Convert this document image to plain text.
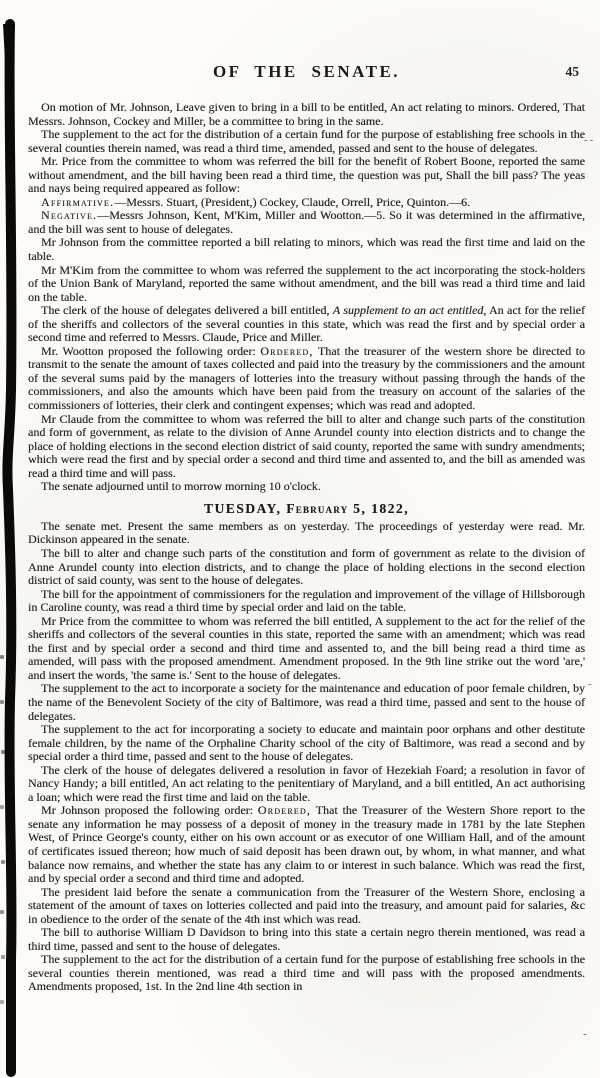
OF THE SENATE.	45

On motion of Mr. Johnson, Leave given to bring in a bill to be entitled, An act relating to minors. Ordered, That Messrs. Johnson, Cockey and Miller, be a committee to bring in the same.

The supplement to the act for the distribution of a certain fund for the purpose of establishing free schools in the several counties therein named, was read a third time, amended, passed and sent to the house of delegates.

Mr. Price from the committee to whom was referred the bill for the benefit of Robert Boone, reported the same without amendment, and the bill having been read a third time, the question was put, Shall the bill pass? The yeas and nays being required appeared as follow:

Affirmative.—Messrs. Stuart, (President,) Cockey, Claude, Orrell, Price, Quinton.—6.

Negative.—Messrs Johnson, Kent, M'Kim, Miller and Wootton.—5. So it was determined in the affirmative, and the bill was sent to house of delegates.

Mr Johnson from the committee reported a bill relating to minors, which was read the first time and laid on the table.

Mr M'Kim from the committee to whom was referred the supplement to the act incorporating the stock-holders of the Union Bank of Maryland, reported the same without amendment, and the bill was read a third time and laid on the table.

The clerk of the house of delegates delivered a bill entitled, A supplement to an act entitled, An act for the relief of the sheriffs and collectors of the several counties in this state, which was read the first and by special order a second time and referred to Messrs. Claude, Price and Miller.

Mr. Wootton proposed the following order: Ordered, That the treasurer of the western shore be directed to transmit to the senate the amount of taxes collected and paid into the treasury by the commissioners and the amount of the several sums paid by the managers of lotteries into the treasury without passing through the hands of the commissioners, and also the amounts which have been paid from the treasury on account of the salaries of the commissioners of lotteries, their clerk and contingent expenses; which was read and adopted.

Mr Claude from the committee to whom was referred the bill to alter and change such parts of the constitution and form of government, as relate to the division of Anne Arundel county into election districts and to change the place of holding elections in the second election district of said county, reported the same with sundry amendments; which were read the first and by special order a second and third time and assented to, and the bill as amended was read a third time and will pass.

The senate adjourned until to morrow morning 10 o'clock.

TUESDAY, February 5, 1822,

The senate met. Present the same members as on yesterday. The proceedings of yesterday were read. Mr. Dickinson appeared in the senate.

The bill to alter and change such parts of the constitution and form of government as relate to the division of Anne Arundel county into election districts, and to change the place of holding elections in the second election district of said county, was sent to the house of delegates.

The bill for the appointment of commissioners for the regulation and improvement of the village of Hillsborough in Caroline county, was read a third time by special order and laid on the table.

Mr Price from the committee to whom was referred the bill entitled, A supplement to the act for the relief of the sheriffs and collectors of the several counties in this state, reported the same with an amendment; which was read the first and by special order a second and third time and assented to, and the bill being read a third time as amended, will pass with the proposed amendment. Amendment proposed. In the 9th line strike out the word 'are,' and insert the words, 'the same is.' Sent to the house of delegates.

The supplement to the act to incorporate a society for the maintenance and education of poor female children, by the name of the Benevolent Society of the city of Baltimore, was read a third time, passed and sent to the house of delegates.

The supplement to the act for incorporating a society to educate and maintain poor orphans and other destitute female children, by the name of the Orphaline Charity school of the city of Baltimore, was read a second and by special order a third time, passed and sent to the house of delegates.

The clerk of the house of delegates delivered a resolution in favor of Hezekiah Foard; a resolution in favor of Nancy Handy; a bill entitled, An act relating to the penitentiary of Maryland, and a bill entitled, An act authorising a loan; which were read the first time and laid on the table.

Mr Johnson proposed the following order: Ordered, That the Treasurer of the Western Shore report to the senate any information he may possess of a deposit of money in the treasury made in 1781 by the late Stephen West, of Prince George's county, either on his own account or as executor of one William Hall, and of the amount of certificates issued thereon; how much of said deposit has been drawn out, by whom, in what manner, and what balance now remains, and whether the state has any claim to or interest in such balance. Which was read the first, and by special order a second and third time and adopted.

The president laid before the senate a communication from the Treasurer of the Western Shore, enclosing a statement of the amount of taxes on lotteries collected and paid into the treasury, and amount paid for salaries, &c in obedience to the order of the senate of the 4th inst which was read.

The bill to authorise William D Davidson to bring into this state a certain negro therein mentioned, was read a third time, passed and sent to the house of delegates.

The supplement to the act for the distribution of a certain fund for the purpose of establishing free schools in the several counties therein mentioned, was read a third time and will pass with the proposed amendments. Amendments proposed, 1st. In the 2nd line 4th section in

--
-
-
